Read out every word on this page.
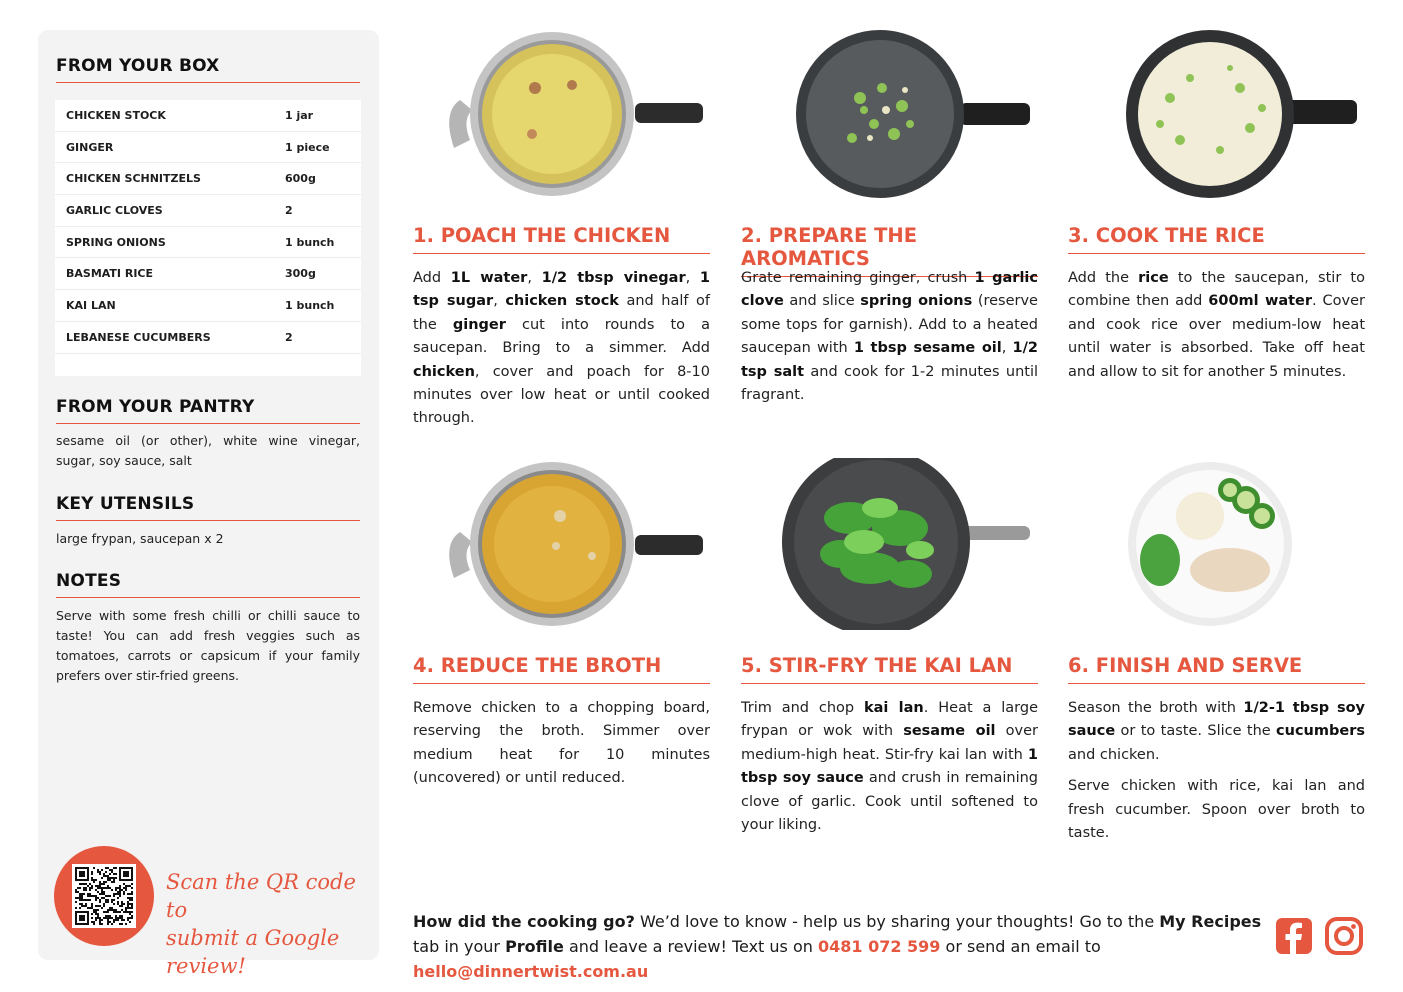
FROM YOUR BOX
CHICKEN STOCK	1 jar
GINGER	1 piece
CHICKEN SCHNITZELS	600g
GARLIC CLOVES	2
SPRING ONIONS	1 bunch
BASMATI RICE	300g
KAI LAN	1 bunch
LEBANESE CUCUMBERS	2
FROM YOUR PANTRY
sesame oil (or other), white wine vinegar, sugar, soy sauce, salt
KEY UTENSILS
large frypan, saucepan x 2
NOTES
Serve with some fresh chilli or chilli sauce to taste! You can add fresh veggies such as tomatoes, carrots or capsicum if your family prefers over stir-fried greens.
Scan the QR code to
submit a Google review!
1. POACH THE CHICKEN

Add 1L water, 1/2 tbsp vinegar, 1 tsp sugar, chicken stock and half of the ginger cut into rounds to a saucepan. Bring to a simmer. Add chicken, cover and poach for 8-10 minutes over low heat or until cooked through.

2. PREPARE THE AROMATICS

Grate remaining ginger, crush 1 garlic clove and slice spring onions (reserve some tops for garnish). Add to a heated saucepan with 1 tbsp sesame oil, 1/2 tsp salt and cook for 1-2 minutes until fragrant.

3. COOK THE RICE

Add the rice to the saucepan, stir to combine then add 600ml water. Cover and cook rice over medium-low heat until water is absorbed. Take off heat and allow to sit for another 5 minutes.

4. REDUCE THE BROTH

Remove chicken to a chopping board, reserving the broth. Simmer over medium heat for 10 minutes (uncovered) or until reduced.

5. STIR-FRY THE KAI LAN

Trim and chop kai lan. Heat a large frypan or wok with sesame oil over medium-high heat. Stir-fry kai lan with 1 tbsp soy sauce and crush in remaining clove of garlic. Cook until softened to your liking.

6. FINISH AND SERVE

Season the broth with 1/2-1 tbsp soy sauce or to taste. Slice the cucumbers and chicken.

Serve chicken with rice, kai lan and fresh cucumber. Spoon over broth to taste.

How did the cooking go? We’d love to know - help us by sharing your thoughts! Go to the My Recipes tab in your Profile and leave a review! Text us on 0481 072 599 or send an email to hello@dinnertwist.com.au
